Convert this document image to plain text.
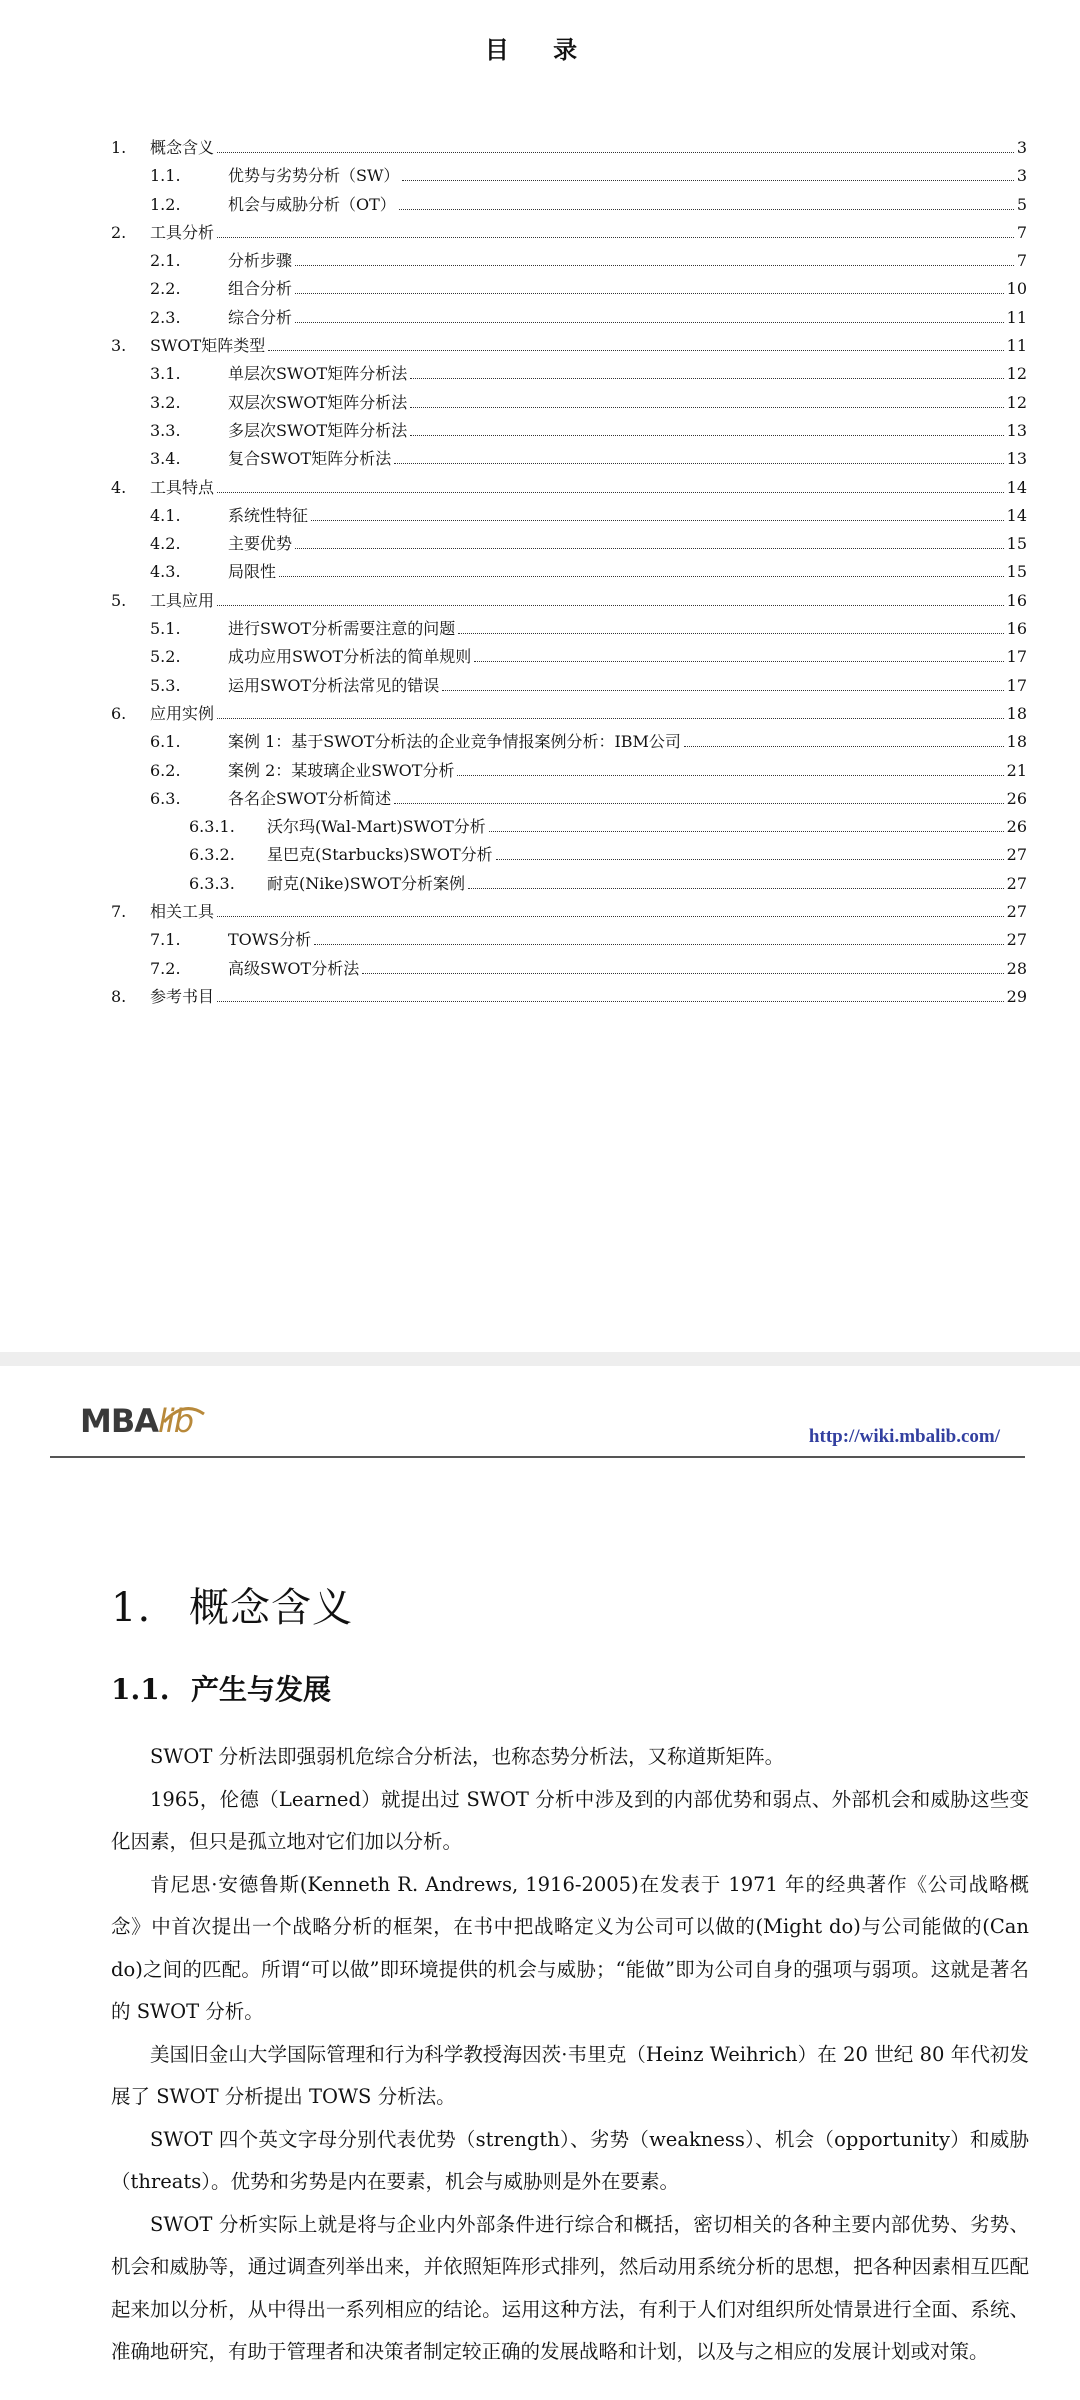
目 录
1.	概念含义	3
1.1.	优势与劣势分析（SW）	3
1.2.	机会与威胁分析（OT）	5
2.	工具分析	7
2.1.	分析步骤	7
2.2.	组合分析	10
2.3.	综合分析	11
3.	SWOT矩阵类型	11
3.1.	单层次SWOT矩阵分析法	12
3.2.	双层次SWOT矩阵分析法	12
3.3.	多层次SWOT矩阵分析法	13
3.4.	复合SWOT矩阵分析法	13
4.	工具特点	14
4.1.	系统性特征	14
4.2.	主要优势	15
4.3.	局限性	15
5.	工具应用	16
5.1.	进行SWOT分析需要注意的问题	16
5.2.	成功应用SWOT分析法的简单规则	17
5.3.	运用SWOT分析法常见的错误	17
6.	应用实例	18
6.1.	案例 1：基于SWOT分析法的企业竞争情报案例分析：IBM公司	18
6.2.	案例 2：某玻璃企业SWOT分析	21
6.3.	各名企SWOT分析简述	26
6.3.1.	沃尔玛(Wal-Mart)SWOT分析	26
6.3.2.	星巴克(Starbucks)SWOT分析	27
6.3.3.	耐克(Nike)SWOT分析案例	27
7.	相关工具	27
7.1.	TOWS分析	27
7.2.	高级SWOT分析法	28
8.	参考书目	29
MBAlib	http://wiki.mbalib.com/
1. 概念含义
1.1. 产生与发展

SWOT 分析法即强弱机危综合分析法，也称态势分析法，又称道斯矩阵。

1965，伦德（Learned）就提出过 SWOT 分析中涉及到的内部优势和弱点、外部机会和威胁这些变化因素，但只是孤立地对它们加以分析。

肯尼思·安德鲁斯(Kenneth R. Andrews, 1916-2005)在发表于 1971 年的经典著作《公司战略概念》中首次提出一个战略分析的框架，在书中把战略定义为公司可以做的(Might do)与公司能做的(Can do)之间的匹配。所谓“可以做”即环境提供的机会与威胁；“能做”即为公司自身的强项与弱项。这就是著名的 SWOT 分析。

美国旧金山大学国际管理和行为科学教授海因茨·韦里克（Heinz Weihrich）在 20 世纪 80 年代初发展了 SWOT 分析提出 TOWS 分析法。

SWOT 四个英文字母分别代表优势（strength）、劣势（weakness）、机会（opportunity）和威胁（threats）。优势和劣势是内在要素，机会与威胁则是外在要素。

SWOT 分析实际上就是将与企业内外部条件进行综合和概括，密切相关的各种主要内部优势、劣势、机会和威胁等，通过调查列举出来，并依照矩阵形式排列，然后动用系统分析的思想，把各种因素相互匹配起来加以分析，从中得出一系列相应的结论。运用这种方法，有利于人们对组织所处情景进行全面、系统、准确地研究，有助于管理者和决策者制定较正确的发展战略和计划，以及与之相应的发展计划或对策。
